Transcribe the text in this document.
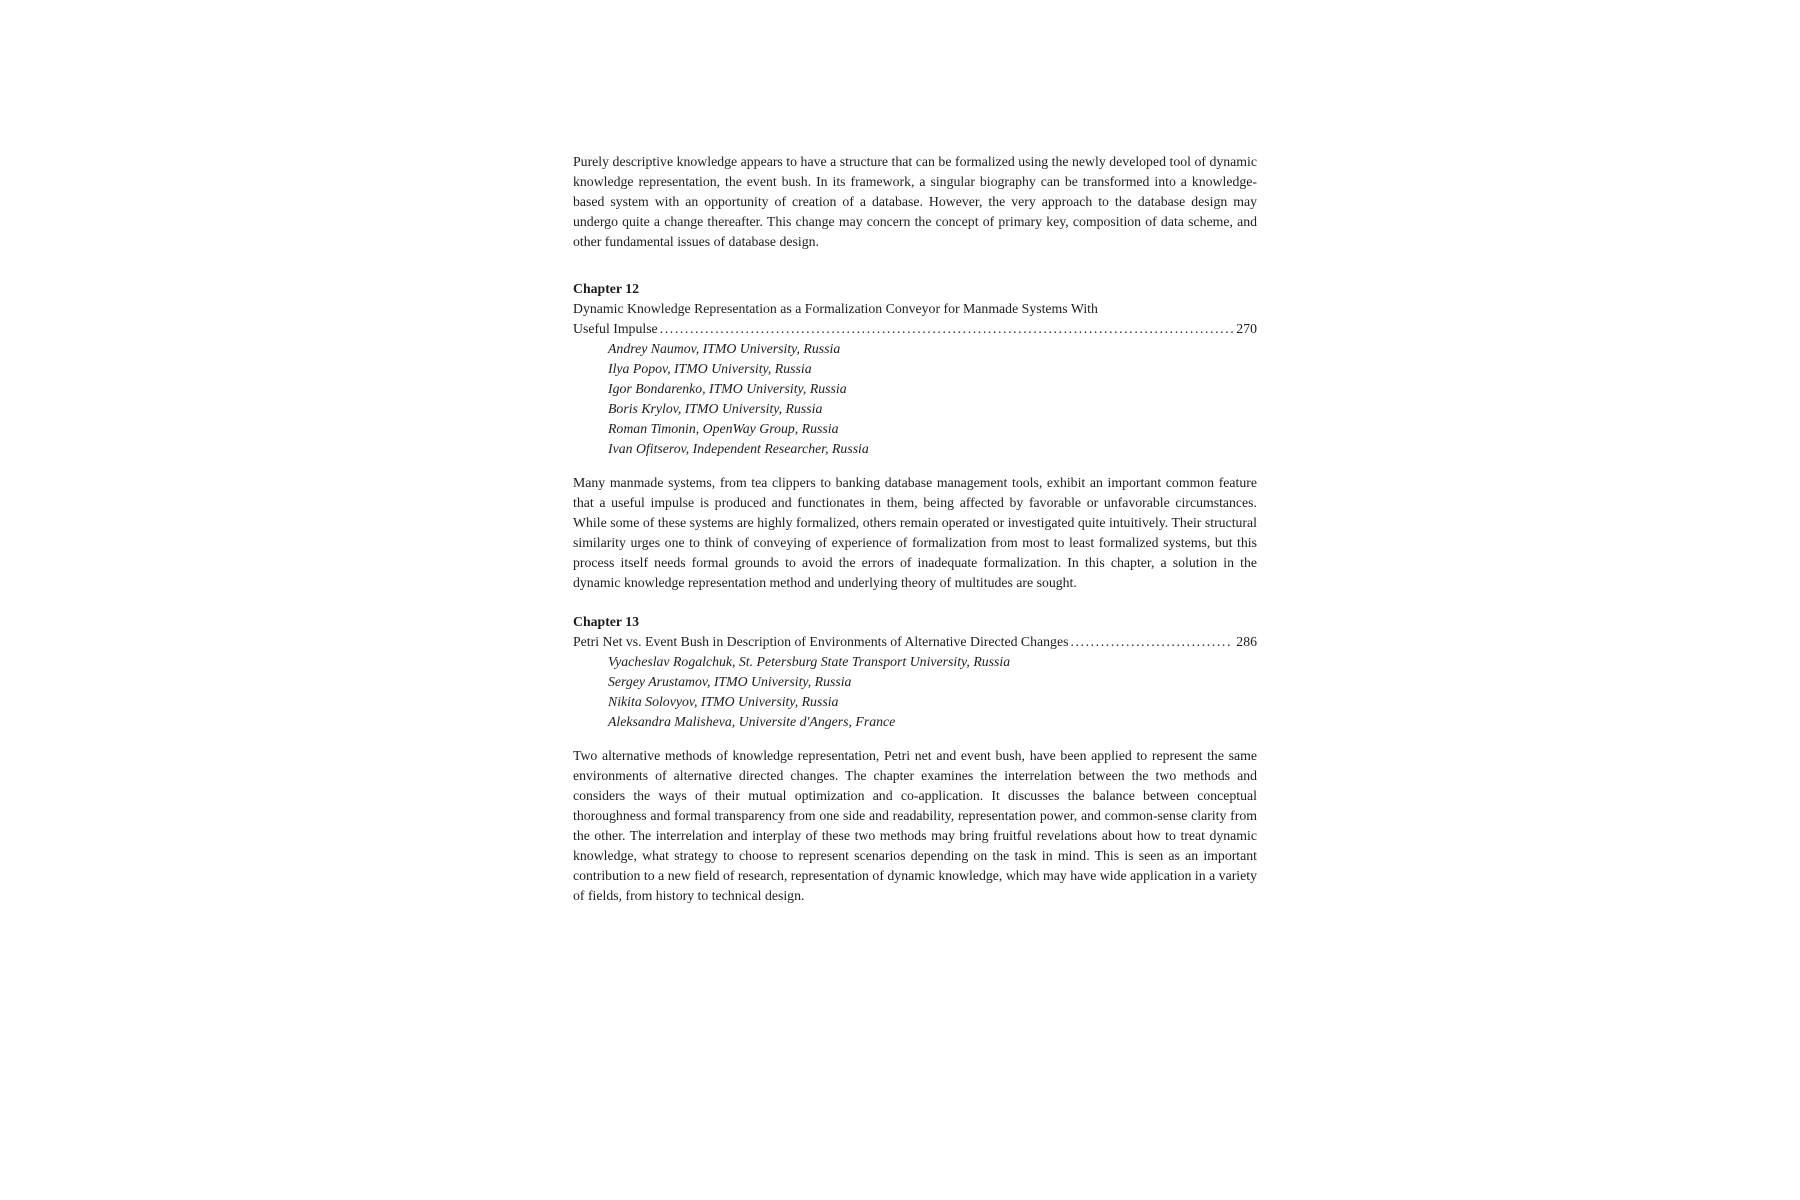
Purely descriptive knowledge appears to have a structure that can be formalized using the newly developed tool of dynamic knowledge representation, the event bush. In its framework, a singular biography can be transformed into a knowledge-based system with an opportunity of creation of a database. However, the very approach to the database design may undergo quite a change thereafter. This change may concern the concept of primary key, composition of data scheme, and other fundamental issues of database design.

Chapter 12
Dynamic Knowledge Representation as a Formalization Conveyor for Manmade Systems With
Useful Impulse .....	270
Andrey Naumov, ITMO University, Russia
Ilya Popov, ITMO University, Russia
Igor Bondarenko, ITMO University, Russia
Boris Krylov, ITMO University, Russia
Roman Timonin, OpenWay Group, Russia
Ivan Ofitserov, Independent Researcher, Russia

Many manmade systems, from tea clippers to banking database management tools, exhibit an important common feature that a useful impulse is produced and functionates in them, being affected by favorable or unfavorable circumstances. While some of these systems are highly formalized, others remain operated or investigated quite intuitively. Their structural similarity urges one to think of conveying of experience of formalization from most to least formalized systems, but this process itself needs formal grounds to avoid the errors of inadequate formalization. In this chapter, a solution in the dynamic knowledge representation method and underlying theory of multitudes are sought.

Chapter 13
Petri Net vs. Event Bush in Description of Environments of Alternative Directed Changes .....	286
Vyacheslav Rogalchuk, St. Petersburg State Transport University, Russia
Sergey Arustamov, ITMO University, Russia
Nikita Solovyov, ITMO University, Russia
Aleksandra Malisheva, Universite d'Angers, France

Two alternative methods of knowledge representation, Petri net and event bush, have been applied to represent the same environments of alternative directed changes. The chapter examines the interrelation between the two methods and considers the ways of their mutual optimization and co-application. It discusses the balance between conceptual thoroughness and formal transparency from one side and readability, representation power, and common-sense clarity from the other. The interrelation and interplay of these two methods may bring fruitful revelations about how to treat dynamic knowledge, what strategy to choose to represent scenarios depending on the task in mind. This is seen as an important contribution to a new field of research, representation of dynamic knowledge, which may have wide application in a variety of fields, from history to technical design.
